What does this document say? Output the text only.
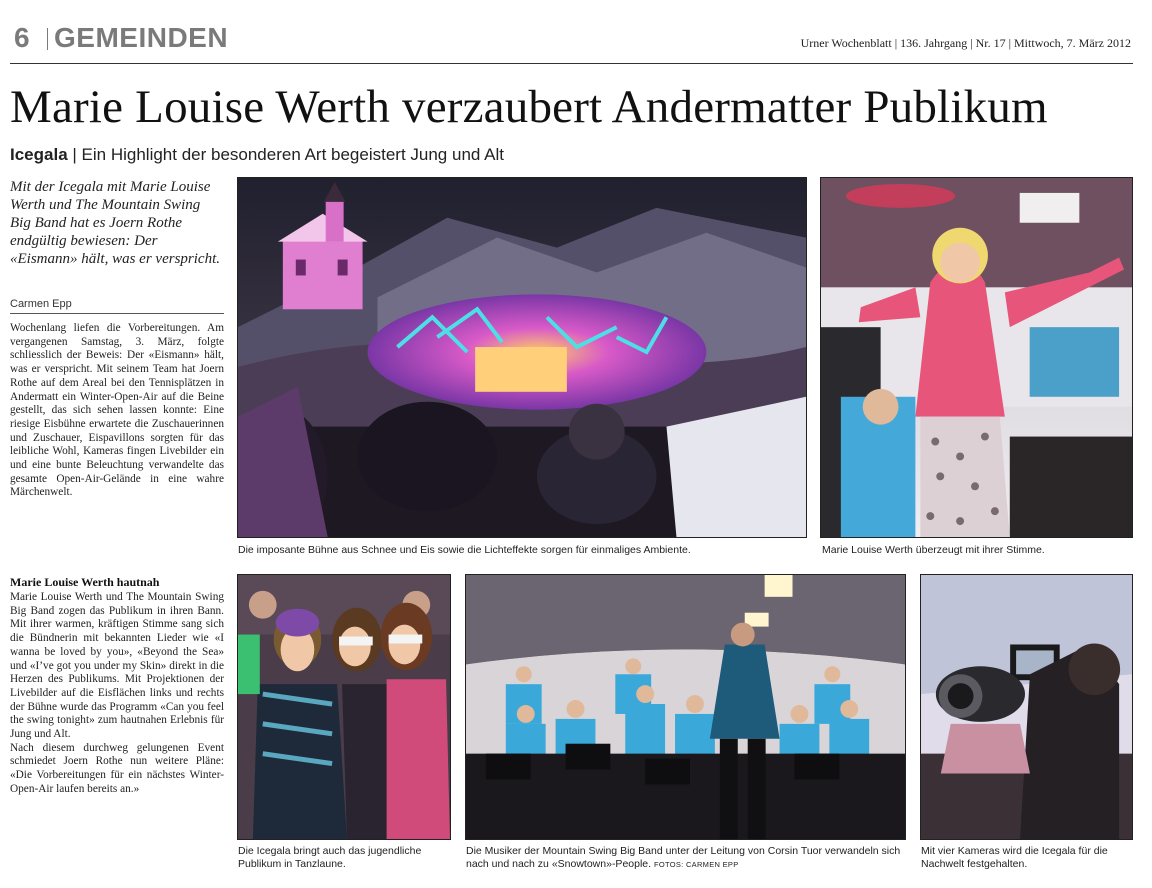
6 GEMEINDEN	Urner Wochenblatt | 136. Jahrgang | Nr. 17 | Mittwoch, 7. März 2012
Marie Louise Werth verzaubert Andermatter Publikum
Icegala | Ein Highlight der besonderen Art begeistert Jung und Alt

Mit der Icegala mit Marie Louise Werth und The Mountain Swing Big Band hat es Joern Rothe endgültig bewiesen: Der «Eismann» hält, was er verspricht.

Carmen Epp

Wochenlang liefen die Vorbereitungen. Am vergangenen Samstag, 3. März, folgte schliesslich der Beweis: Der «Eismann» hält, was er verspricht. Mit seinem Team hat Joern Rothe auf dem Areal bei den Tennisplätzen in Andermatt ein Winter-Open-Air auf die Beine gestellt, das sich sehen lassen konnte: Eine riesige Eisbühne erwartete die Zuschauerinnen und Zuschauer, Eispavillons sorgten für das leibliche Wohl, Kameras fingen Livebilder ein und eine bunte Beleuchtung verwandelte das gesamte Open-Air-Gelände in eine wahre Märchenwelt.

Marie Louise Werth hautnah

Marie Louise Werth und The Mountain Swing Big Band zogen das Publikum in ihren Bann. Mit ihrer warmen, kräftigen Stimme sang sich die Bündnerin mit bekannten Lieder wie «I wanna be loved by you», «Beyond the Sea» und «I’ve got you under my Skin» direkt in die Herzen des Publikums. Mit Projektionen der Livebilder auf die Eisflächen links und rechts der Bühne wurde das Programm «Can you feel the swing tonight» zum hautnahen Erlebnis für Jung und Alt.

Nach diesem durchweg gelungenen Event schmiedet Joern Rothe nun weitere Pläne: «Die Vorbereitungen für ein nächstes Winter-Open-Air laufen bereits an.»

Die imposante Bühne aus Schnee und Eis sowie die Lichteffekte sorgen für einmaliges Ambiente.	Marie Louise Werth überzeugt mit ihrer Stimme.
Die Icegala bringt auch das jugendliche Publikum in Tanzlaune.
Die Musiker der Mountain Swing Big Band unter der Leitung von Corsin Tuor verwandeln sich nach und nach zu «Snowtown»-People. FOTOS: CARMEN EPP
Mit vier Kameras wird die Icegala für die Nachwelt festgehalten.
